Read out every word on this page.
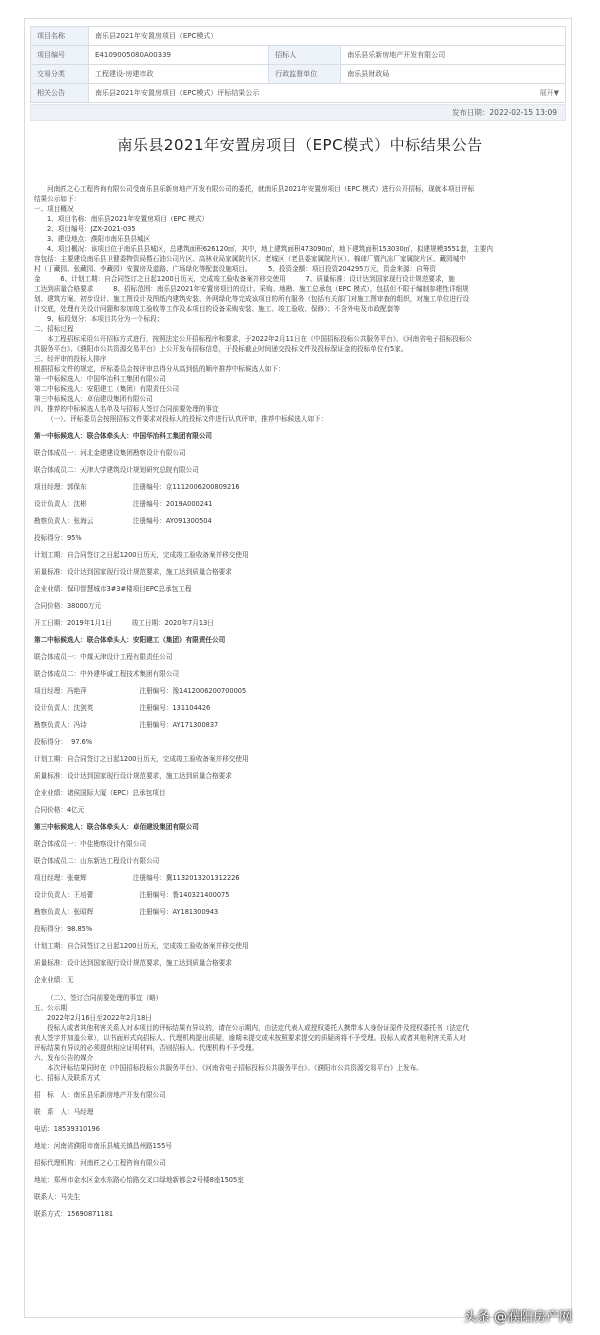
项目名称	南乐县2021年安置房项目（EPC模式）		
项目编号	E4109005080A00339	招标人	南乐县乐新房地产开发有限公司
交易分类	工程建设-房建市政	行政监督单位	南乐县财政局
相关公告	南乐县2021年安置房项目（EPC模式）评标结果公示 展开▼		
发布日期：2022-02-15 13:09
南乐县2021年安置房项目（EPC模式）中标结果公告

河南匠之心工程咨询有限公司受南乐县乐新房地产开发有限公司的委托，就南乐县2021年安置房项目（EPC 模式）进行公开招标，现就本项目评标

结果公示如下：

一、项目概况

1、项目名称：南乐县2021年安置房项目（EPC 模式）

2、项目编号：JZX-2021-035

3、建设地点：濮阳市南乐县县城区

4、项目概况：该项目位于南乐县县城区，总建筑面积626120㎡，其中，地上建筑面积473090㎡，地下建筑面积153030㎡，拟建规模3551套，主要内

容包括：主要建设南乐县卫健委物资局暨石油公司片区、高林业局家属院片区、老城区（老县委家属院片区）、棉球厂暨汽冻厂家属院片区、藏园城中

村（丁藏园、张藏园、李藏园）安置房及道路、广场绿化等配套设施项目。　　　5、投资金额：项目投资204295万元，资金来源：自筹资

金　　　6、计划工期：自合同签订之日起1200日历天，完成竣工验收备案并移交使用　　　7、质量标准：设计达到国家现行设计规范要求，施

工达到质量合格要求　　　8、招标范围：南乐县2021年安置房项目的设计、采购、地勘、施工总承包（EPC 模式），包括但不限于编制参建性详细规

划、建筑方案、初步设计、施工图设计及图纸内建筑安装、外网绿化等完成该项目的所有服务（包括有关部门对施工图审查的组织，对施工单位进行设

计交底，处理有关设计问题和参加竣工验收等工作及本项目的设备采购安装、施工、竣工验收、保修）；不含外电及市政配套等

9、标段划分：本项目共分为一个标段；

二、招标过程

本工程招标采用公开招标方式进行，按照法定公开招标程序和要求，于2022年2月11日在《中国招标投标公共服务平台》、《河南省电子招标投标公

共服务平台》、《濮阳市公共资源交易平台》上公开发布招标信息，于投标截止时间递交投标文件及投标保证金的投标单位有5家。

三、经评审的投标人排序

根据招标文件的规定，评标委员会按评审总得分从高到低的顺序推荐中标候选人如下：

第一中标候选人：中国华冶科工集团有限公司

第二中标候选人：安阳建工（集团）有限责任公司

第三中标候选人：卓佰建设集团有限公司

四、推荐的中标候选人名单及与招标人签订合同前要处理的事宜

（一）、评标委员会按照招标文件要求对投标人的投标文件进行认真评审，推荐中标候选人如下：

第一中标候选人：联合体牵头人：中国华冶科工集团有限公司

联合体成员一：河北金建建设集团勘察设计有限公司

联合体成员二：天津大学建筑设计规划研究总院有限公司

项目经理：郭保东　　　　　　　注册编号：京1112006200809216

设计负责人：沈彬　　　　　　　注册编号：2019A000241

勘察负责人：张海云　　　　　　注册编号：AY091300504

投标得分：95%

计划工期：自合同签订之日起1200日历天，完成竣工验收备案并移交使用

质量标准：设计达到国家现行设计规范要求，施工达到质量合格要求

企业业绩：保印智慧城市3#3#楼项目EPC总承包工程

合同价格：38000万元

开工日期：2019年1月1日　　　竣工日期：2020年7月13日

第二中标候选人：联合体牵头人：安阳建工（集团）有限责任公司

联合体成员一：中煤天津设计工程有限责任公司

联合体成员二：中外建华诚工程技术集团有限公司

项目经理：冯艳萍　　　　　　　　注册编号：豫1412006200700005

设计负责人：沈剑英　　　　　　　注册编号：131104426

勘察负责人：冯诗　　　　　　　　注册编号：AY171300837

投标得分：  97.6%

计划工期：自合同签订之日起1200日历天，完成竣工验收备案并移交使用

质量标准：设计达到国家现行设计规范要求，施工达到质量合格要求

企业业绩：诸侯国际大厦（EPC）总承包项目

合同价格：4亿元

第三中标候选人：联合体牵头人：卓佰建设集团有限公司

联合体成员一：中佳勘察设计有限公司

联合体成员二：山东新达工程设计有限公司

项目经理：张豪辉　　　　　　　注册编号：冀1132013201312226

设计负责人：王培蕾　　　　　　　注册编号：鲁140321400075

勘察负责人：张昭辉　　　　　　　注册编号：AY181300943

投标得分：98.85%

计划工期：自合同签订之日起1200日历天，完成竣工验收备案并移交使用

质量标准：设计达到国家现行设计规范要求，施工达到质量合格要求

企业业绩：无

（二）、签订合同前要处理的事宜（略）

五、公示期

2022年2月16日至2022年2月18日

投标人或者其他利害关系人对本项目的评标结果有异议的，请在公示期内，由法定代表人或授权委托人携带本人身份证原件及授权委托书（法定代

表人签字并加盖公章），以书面形式向招标人、代理机构提出质疑，逾期未提交或未按照要求提交的质疑函将不予受理。投标人或者其他利害关系人对

评标结果有异议的必须提供相应证明材料，否则招标人、代理机构不予受理。

六、发布公告的媒介

本次评标结果同时在《中国招标投标公共服务平台》、《河南省电子招标投标公共服务平台》、《濮阳市公共资源交易平台》上发布。

七、招标人及联系方式

招　标　人：南乐县乐新房地产开发有限公司

联　系　人：马经理

电话：18539310196

地址：河南省濮阳市南乐县城关镇昌州路155号

招标代理机构：河南匠之心工程咨询有限公司

地址：郑州市金水区金水东路心怡路交叉口绿地新都会2号楼8座1505室

联系人：马先生

联系方式：15690871181

头条 @濮阳房产网
